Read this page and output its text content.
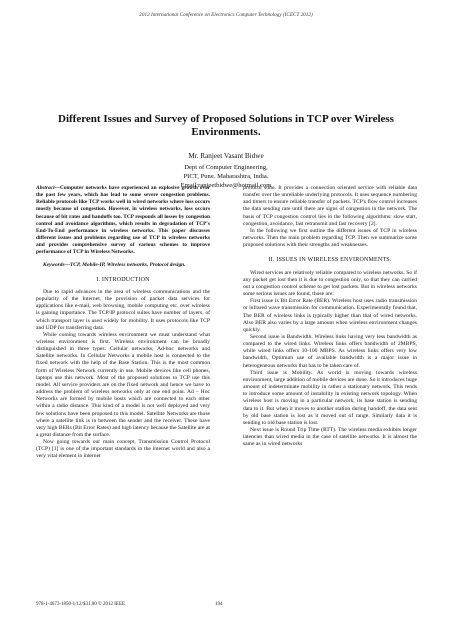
2012 International Conference on Electronics Computer Technology (ICECT 2012)
Different Issues and Survey of Proposed Solutions in TCP over Wireless Environments.
Mr. Ranjeet Vasant Bidwe
Dept of Computer Engineering,
PICT, Pune. Maharashtra, India.
Email:ranjeetbidwe@hotmail.com

Abstract—Computer networks have experienced an explosive growth over the past few years, which has lead to some severe congestion problems. Reliable protocols like TCP works well in wired networks where loss occurs mostly because of congestion. However, in wireless networks, loss occurs because of bit rates and handoffs too. TCP responds all losses by congestion control and avoidance algorithms, which results in degradation of TCP's End-To-End performance in wireless networks. This paper discusses different issues and problems regarding use of TCP in wireless networks and provides comprehensive survey of various schemes to improve performance of TCP in Wireless Networks.

Keywords—TCP, Mobile-IP, Wireless networks, Protocol design.

I. INTRODUCTION

Due to rapid advances in the area of wireless communications and the popularity of the Internet, the provision of packet data services for applications like e-mail, web browsing, mobile computing etc. over wireless is gaining importance. The TCP/IP protocol suites have number of layers, of which transport layer is used widely for mobility. It uses protocols like TCP and UDP for transferring data.

While coming towards wireless environment we must understand what wireless environment is first. Wireless environment can be broadly distinguished in three types: Cellular networks, Ad-hoc networks and Satellite networks. In Cellular Networks a mobile host is connected to the fixed network with the help of the Base Station. This is the most common form of Wireless Network currently in use. Mobile devices like cell phones, laptops use this network. Most of the proposed solutions to TCP use this model. All service providers are on the fixed network and hence we have to address the problem of wireless networks only at one end point. Ad – Hoc Networks are formed by mobile hosts which are connected to each other within a radio distance. This kind of a model is not well deployed and very few solutions have been proposed to this model. Satellite Networks are those where a satellite link is in between the sender and the receiver. These have very high BERs (Bit Error Rates) and high latency because the Satellite are at a great distance from the surface.

Now going towards our main concept, Transmission Control Protocol (TCP) [1] is one of the important standards in the internet world and also a very vital element in internet

protocol suite. It provides a connection oriented service with reliable data transfer over the unreliable underlying protocols. It uses sequence numbering and timers to ensure reliable transfer of packets. TCP's flow control increases the data sending rate until there are signs of congestion in the network. The basis of TCP congestion control lies in the following algorithms: slow start, congestion, avoidance, fast retransmit and fast recovery [2].

In the following we first outline the different issues of TCP in wireless networks. Then the main problem regarding TCP. Then we summarize some proposed solutions with their strengths and weaknesses.

II. ISSUES IN WIRELESS ENVIRONMENTS.

Wired services are relatively reliable compared to wireless networks. So if any packet get lost then it is due to congestion only, so that they can carried out a congestion control scheme to get lost packets. But in wireless networks some serious issues are found, those are:

First issue is Bit Error Rate (BER). Wireless host uses radio transmission or infrared wave transmission for communication. Experimentally found that, The BER of wireless links is typically higher than that of wired networks. Also BER also varies by a large amount when wireless environment changes quickly.

Second issue is Bandwidth. Wireless links having very less bandwidth as compared to the wired links. Wireless links offers bandwidth of 2MBPS, while wired links offers 10-100 MBPS. As wireless links offers very low bandwidth, Optimum use of available bandwidth is a major issue in heterogeneous networks that has to be taken care of.

Third issue is Mobility. As world is moving towards wireless environment, large addition of mobile devices are done. So it introduces huge amount of indeterminate mobility in rather a stationary network. This tends to introduce some amount of instability in existing network topology. When wireless host is moving in a particular network, its base station is sending data to it. But when it moves to another station during handoff, the data sent by old base station is lost as it moved out of range. Similarly data it is sending to old base station is lost.

Next issue is Round Trip Time (RTT). The wireless media exhibits longer latencies than wired media in the case of satellite networks. It is almost the same as in wired networks

978-1-4673-1850-1/12/$31.00 © 2012 IEEE	194
